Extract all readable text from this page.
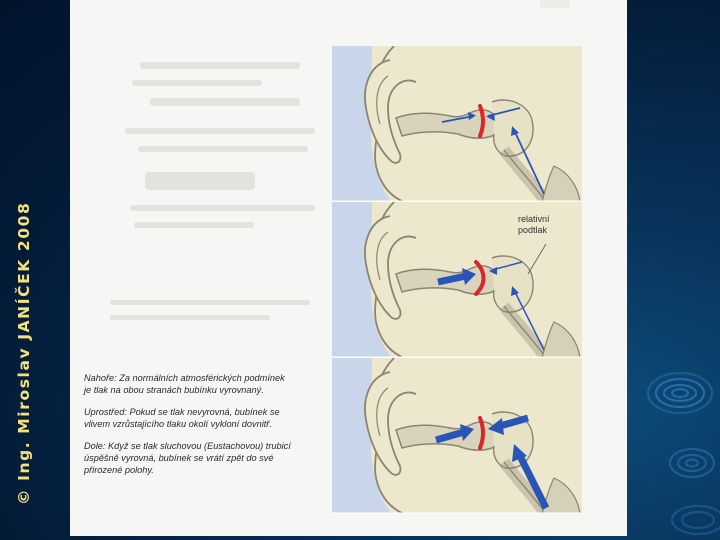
© Ing. Miroslav JANÍČEK 2008	relativní
podtlak

Nahoře: Za normálních atmosférických podmínek
je tlak na obou stranách bubínku vyrovnaný.

Uprostřed: Pokud se tlak nevyrovná, bubínek se
vlivem vzrůstajícího tlaku okolí vykloní dovnitř.

Dole: Když se tlak sluchovou (Eustachovou) trubicí
úspěšně vyrovná, bubínek se vrátí zpět do své
přirozené polohy.
